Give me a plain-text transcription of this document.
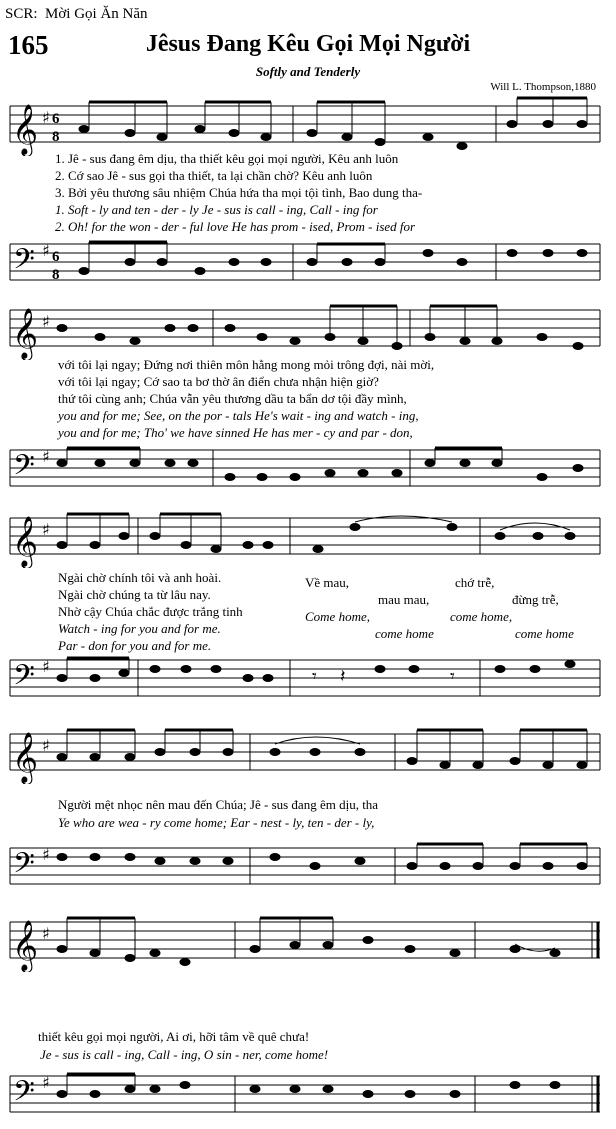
SCR: Mời Gọi Ăn Năn
165	Jêsus Đang Kêu Gọi Mọi Người
Softly and Tenderly
Will L. Thompson,1880
𝄞 ♯ 6
8
1. Jê - sus đang êm dịu, tha thiết kêu gọi mọi người, Kêu anh luôn
2. Cớ sao Jê - sus gọi tha thiết, ta lại chần chờ? Kêu anh luôn
3. Bởi yêu thương sâu nhiệm Chúa hứa tha mọi tội tình, Bao dung tha-
1. Soft - ly and ten - der - ly Je - sus is call - ing, Call - ing for
2. Oh! for the won - der - ful love He has prom - ised, Prom - ised for
𝄢 ♯ 6
8
𝄞 ♯
với tôi lại ngay; Đứng nơi thiên môn hằng mong mỏi trông đợi, nài mời,
với tôi lại ngay; Cớ sao ta bơ thờ ân điển chưa nhận hiện giờ?
thứ tôi cùng anh; Chúa vẫn yêu thương dầu ta bẩn dơ tội đầy mình,
you and for me; See, on the por - tals He's wait - ing and watch - ing,
you and for me; Tho' we have sinned He has mer - cy and par - don,
𝄢 ♯
𝄞 ♯
Ngài chờ chính tôi và anh hoài.
Ngài chờ chúng ta từ lâu nay.
Nhờ cậy Chúa chắc được trắng tinh
Watch - ing for you and for me.
Par - don for you and for me.
Về mau,	chớ trễ,
mau mau,	đừng trễ,
Come home,	come home,
come home	come home
𝄢 ♯	𝄾 𝄽	𝄾
𝄞 ♯
Người mệt nhọc nên mau đến Chúa; Jê - sus đang êm dịu, tha
Ye who are wea - ry come home; Ear - nest - ly, ten - der - ly,
𝄢 ♯
𝄞 ♯
thiết kêu gọi mọi người, Ai ơi, hỡi tâm về quê chưa!
Je - sus is call - ing, Call - ing, O sin - ner, come home!
𝄢 ♯
